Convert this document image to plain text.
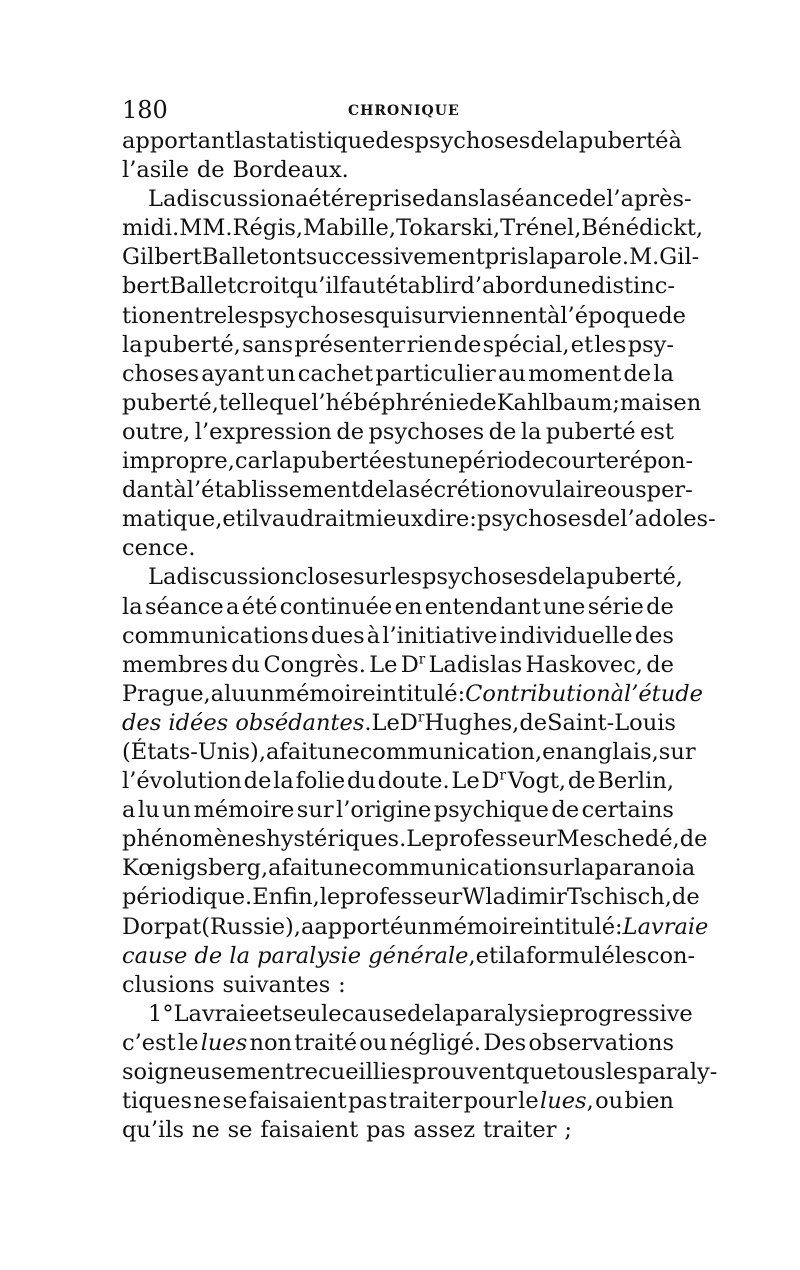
180	CHRONIQUE
apportant la statistique des psychoses de la puberté à
l’asile de Bordeaux.
La discussion a été reprise dans la séance de l’après-
midi. MM. Régis, Mabille, Tokarski, Trénel, Bénédickt,
Gilbert Ballet ont successivement pris la parole. M. Gil-
bert Ballet croit qu’il faut établir d’abord une distinc-
tion entre les psychoses qui surviennent à l’époque de
la puberté, sans présenter rien de spécial, et les psy-
choses ayant un cachet particulier au moment de la
puberté, telle que l’hébéphrénie de Kahlbaum ; mais en
outre, l’expression de psychoses de la puberté est
impropre, car la puberté est une période courte répon-
dant à l’établissement de la sécrétion ovulaire ou sper-
matique, et il vaudrait mieux dire: psychoses de l’adoles-
cence.
La discussion close sur les psychoses de la puberté,
la séance a été continuée en entendant une série de
communications dues à l’initiative individuelle des
membres du Congrès. Le $D^r$ Ladislas Haskovec, de
Prague, a lu un mémoire intitulé : Contribution à l’étude
des idées obsédantes. Le $D^r$ Hughes, de Saint-Louis
(États-Unis), a fait une communication, en anglais, sur
l’évolution de la folie du doute. Le $D^r$ Vogt, de Berlin,
a lu un mémoire sur l’origine psychique de certains
phénomènes hystériques. Le professeur Meschedé, de
Kœnigsberg, a fait une communication sur la paranoia
périodique. Enfin, le professeur Wladimir Tschisch, de
Dorpat (Russie), a apporté un mémoire intitulé: La vraie
cause de la paralysie générale, et il a formulé les con-
clusions suivantes :
1° La vraie et seule cause de la paralysie progressive
c’est le lues non traité ou négligé. Des observations
soigneusement recueillies prouvent que tous les paraly-
tiques ne se faisaient pas traiter pour le lues, ou bien
qu’ils ne se faisaient pas assez traiter ;
